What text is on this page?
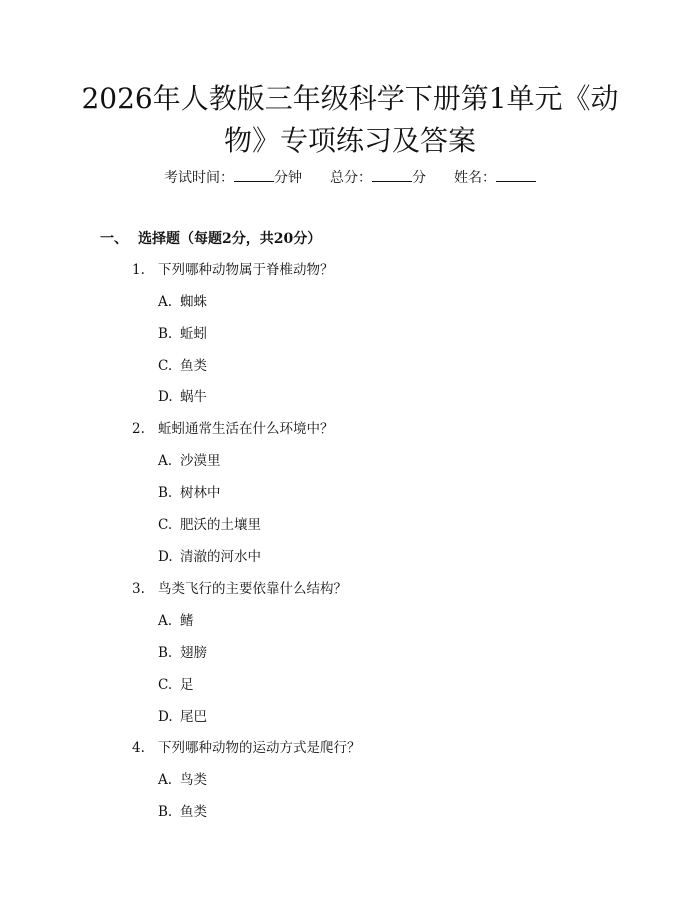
2026年人教版三年级科学下册第1单元《动
物》专项练习及答案
考试时间：	分钟 总分：	分 姓名：
一、 选择题（每题2分，共20分）
1. 下列哪种动物属于脊椎动物？
A. 蜘蛛
B. 蚯蚓
C. 鱼类
D. 蜗牛
2. 蚯蚓通常生活在什么环境中？
A. 沙漠里
B. 树林中
C. 肥沃的土壤里
D. 清澈的河水中
3. 鸟类飞行的主要依靠什么结构？
A. 鳍
B. 翅膀
C. 足
D. 尾巴
4. 下列哪种动物的运动方式是爬行？
A. 鸟类
B. 鱼类
